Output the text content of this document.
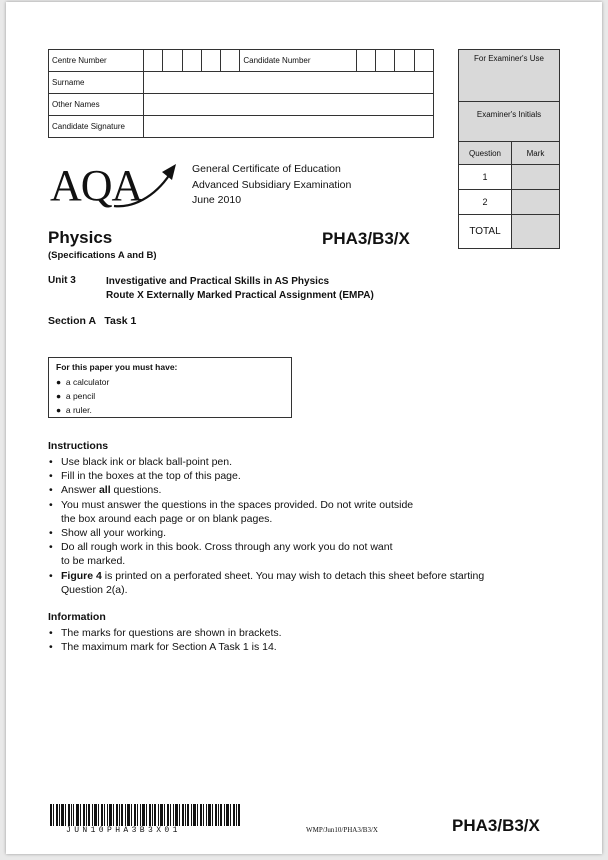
Centre Number						Candidate Number				
Surname										
Other Names										
Candidate Signature										
For Examiner's Use
Examiner's Initials
Question	Mark
1	
2	
TOTAL	
AQA	General Certificate of Education
Advanced Subsidiary Examination
June 2010
Physics
(Specifications A and B)
PHA3/B3/X
Unit 3	Investigative and Practical Skills in AS Physics
Route X Externally Marked Practical Assignment (EMPA)
Section A   Task 1
For this paper you must have:
●  a calculator
●  a pencil
●  a ruler.
Instructions
• Use black ink or black ball-point pen.
• Fill in the boxes at the top of this page.
• Answer all questions.
• You must answer the questions in the spaces provided. Do not write outside
the box around each page or on blank pages.
• Show all your working.
• Do all rough work in this book. Cross through any work you do not want
to be marked.
• Figure 4 is printed on a perforated sheet. You may wish to detach this sheet before starting
Question 2(a).
Information
• The marks for questions are shown in brackets.
• The maximum mark for Section A Task 1 is 14.
JUN10PHA3B3X01	WMP/Jun10/PHA3/B3/X	PHA3/B3/X
